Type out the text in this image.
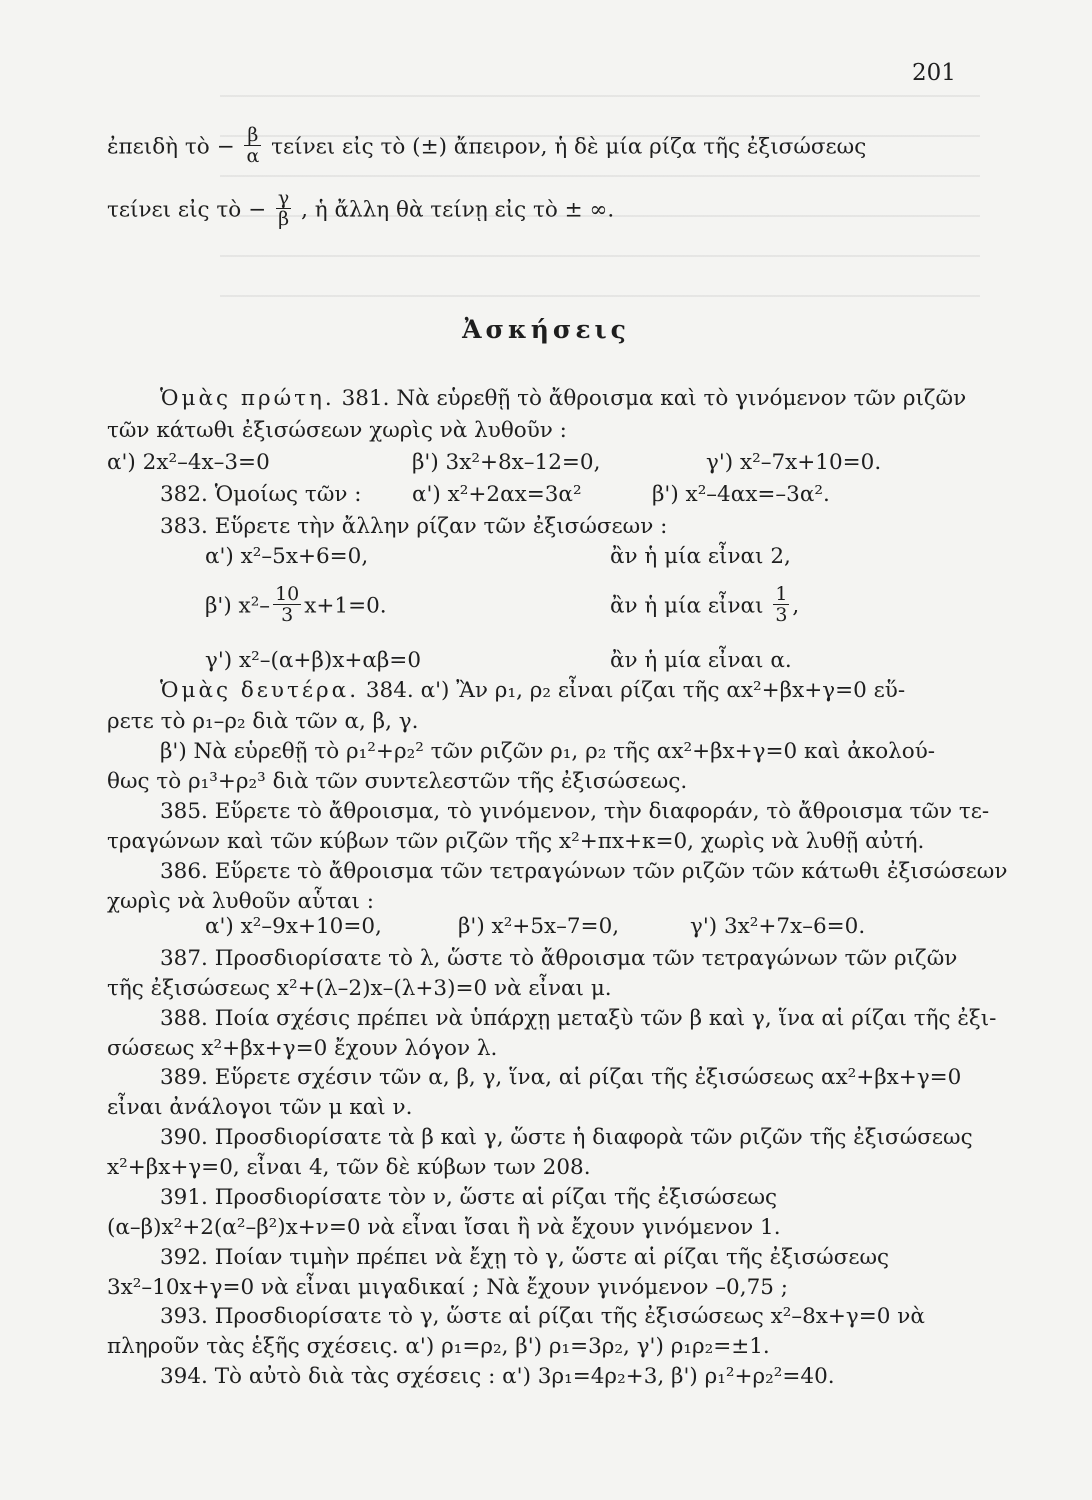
201
ἐπειδὴ τὸ − $\frac{\beta}{\alpha}$ τείνει εἰς τὸ (±) ἄπειρον, ἡ δὲ μία ρίζα τῆς ἐξισώσεως
τείνει εἰς τὸ − $\frac{\gamma}{\beta}$ , ἡ ἄλλη θὰ τείνῃ εἰς τὸ ± ∞.
Ἀσκήσεις
Ὁμὰς πρώτη. 381. Νὰ εὑρεθῇ τὸ ἄθροισμα καὶ τὸ γινόμενον τῶν ριζῶν
τῶν κάτωθι ἐξισώσεων χωρὶς νὰ λυθοῦν :
α') 2x²–4x–3=0	β') 3x²+8x–12=0,	γ') x²–7x+10=0.
382. Ὁμοίως τῶν : α') x²+2αx=3α²	β') x²–4αx=–3α².
383. Εὕρετε τὴν ἄλλην ρίζαν τῶν ἐξισώσεων :
α') x²–5x+6=0,	ἂν ἡ μία εἶναι 2,
β') $x^2- \frac{10}{3} x+1=0$.	ἂν ἡ μία εἶναι $\frac{1}{3}$ ,
γ') x²–(α+β)x+αβ=0	ἂν ἡ μία εἶναι α.
Ὁμὰς δευτέρα. 384. α') Ἂν ρ₁, ρ₂ εἶναι ρίζαι τῆς αx²+βx+γ=0 εὕ-
ρετε τὸ ρ₁–ρ₂ διὰ τῶν α, β, γ.
β') Νὰ εὑρεθῇ τὸ ρ₁²+ρ₂² τῶν ριζῶν ρ₁, ρ₂ τῆς αx²+βx+γ=0 καὶ ἀκολού-
θως τὸ ρ₁³+ρ₂³ διὰ τῶν συντελεστῶν τῆς ἐξισώσεως.
385. Εὕρετε τὸ ἄθροισμα, τὸ γινόμενον, τὴν διαφοράν, τὸ ἄθροισμα τῶν τε-
τραγώνων καὶ τῶν κύβων τῶν ριζῶν τῆς x²+πx+κ=0, χωρὶς νὰ λυθῇ αὐτή.
386. Εὕρετε τὸ ἄθροισμα τῶν τετραγώνων τῶν ριζῶν τῶν κάτωθι ἐξισώσεων
χωρὶς νὰ λυθοῦν αὗται :
α') x²–9x+10=0,	β') x²+5x–7=0,	γ') 3x²+7x–6=0.
387. Προσδιορίσατε τὸ λ, ὥστε τὸ ἄθροισμα τῶν τετραγώνων τῶν ριζῶν
τῆς ἐξισώσεως x²+(λ–2)x–(λ+3)=0 νὰ εἶναι μ.
388. Ποία σχέσις πρέπει νὰ ὑπάρχῃ μεταξὺ τῶν β καὶ γ, ἵνα αἱ ρίζαι τῆς ἐξι-
σώσεως x²+βx+γ=0 ἔχουν λόγον λ.
389. Εὕρετε σχέσιν τῶν α, β, γ, ἵνα, αἱ ρίζαι τῆς ἐξισώσεως αx²+βx+γ=0
εἶναι ἀνάλογοι τῶν μ καὶ ν.
390. Προσδιορίσατε τὰ β καὶ γ, ὥστε ἡ διαφορὰ τῶν ριζῶν τῆς ἐξισώσεως
x²+βx+γ=0, εἶναι 4, τῶν δὲ κύβων των 208.
391. Προσδιορίσατε τὸν ν, ὥστε αἱ ρίζαι τῆς ἐξισώσεως
(α–β)x²+2(α²–β²)x+ν=0 νὰ εἶναι ἴσαι ἢ νὰ ἔχουν γινόμενον 1.
392. Ποίαν τιμὴν πρέπει νὰ ἔχῃ τὸ γ, ὥστε αἱ ρίζαι τῆς ἐξισώσεως
3x²–10x+γ=0 νὰ εἶναι μιγαδικαί ; Νὰ ἔχουν γινόμενον –0,75 ;
393. Προσδιορίσατε τὸ γ, ὥστε αἱ ρίζαι τῆς ἐξισώσεως x²–8x+γ=0 νὰ
πληροῦν τὰς ἑξῆς σχέσεις. α') ρ₁=ρ₂, β') ρ₁=3ρ₂, γ') ρ₁ρ₂=±1.
394. Τὸ αὐτὸ διὰ τὰς σχέσεις : α') 3ρ₁=4ρ₂+3, β') ρ₁²+ρ₂²=40.
